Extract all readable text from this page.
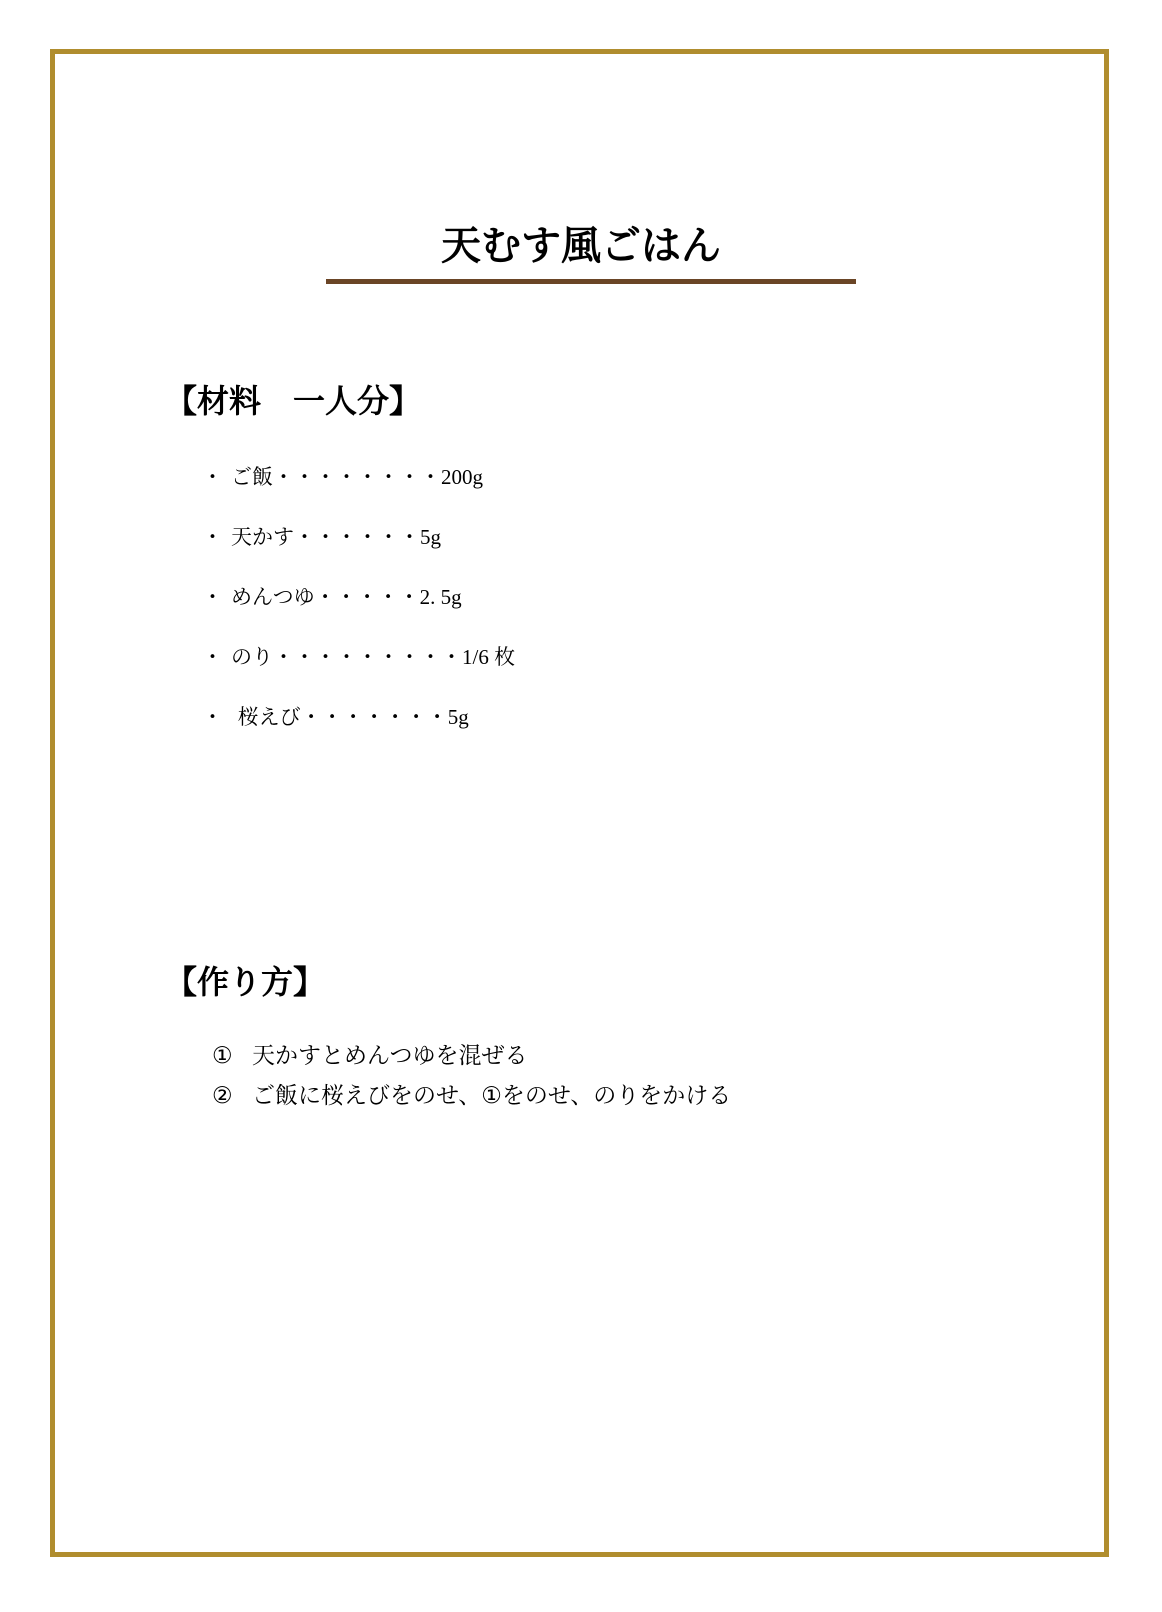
天むす風ごはん
【材料　一人分】
・ ご飯・・・・・・・・200g
・ 天かす・・・・・・5g
・ めんつゆ・・・・・2. 5g
・ のり・・・・・・・・・1/6 枚
・ 桜えび・・・・・・・5g
【作り方】
① 天かすとめんつゆを混ぜる
② ご飯に桜えびをのせ、①をのせ、のりをかける
